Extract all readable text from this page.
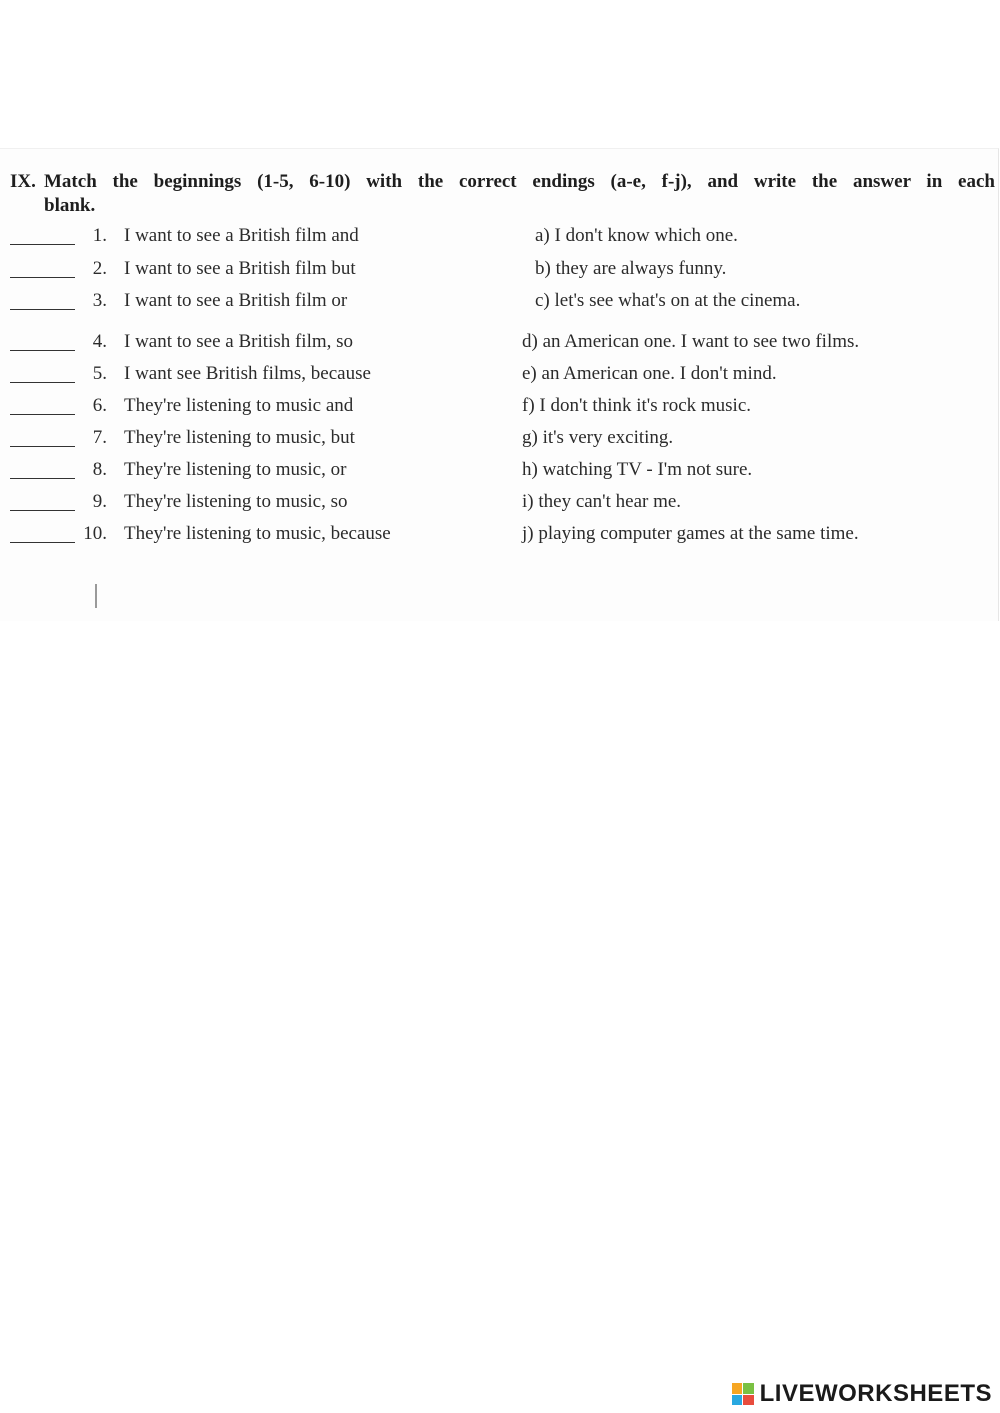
IX. Match the beginnings (1-5, 6-10) with the correct endings (a-e, f-j), and write the answer in each
blank.
1. I want to see a British film and	a) I don't know which one.
2. I want to see a British film but	b) they are always funny.
3. I want to see a British film or	c) let's see what's on at the cinema.
4. I want to see a British film, so	d) an American one. I want to see two films.
5. I want see British films, because	e) an American one. I don't mind.
6. They're listening to music and	f) I don't think it's rock music.
7. They're listening to music, but	g) it's very exciting.
8. They're listening to music, or	h) watching TV - I'm not sure.
9. They're listening to music, so	i) they can't hear me.
10. They're listening to music, because	j) playing computer games at the same time.
LIVEWORKSHEETS
